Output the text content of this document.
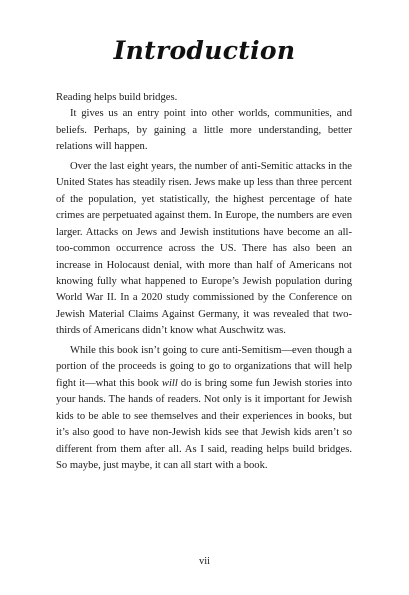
Introduction

Reading helps build bridges.

It gives us an entry point into other worlds, communities, and beliefs. Perhaps, by gaining a little more understanding, better relations will happen.

Over the last eight years, the number of anti-Semitic attacks in the United States has steadily risen. Jews make up less than three percent of the population, yet statistically, the highest percentage of hate crimes are perpetuated against them. In Europe, the numbers are even larger. Attacks on Jews and Jewish institutions have become an all-too-common occurrence across the US. There has also been an increase in Holocaust denial, with more than half of Americans not knowing fully what happened to Europe’s Jewish population during World War II. In a 2020 study commissioned by the Conference on Jewish Material Claims Against Germany, it was revealed that two-thirds of Americans didn’t know what Auschwitz was.

While this book isn’t going to cure anti-Semitism—even though a portion of the proceeds is going to go to organizations that will help fight it—what this book will do is bring some fun Jewish stories into your hands. The hands of readers. Not only is it important for Jewish kids to be able to see themselves and their experiences in books, but it’s also good to have non-Jewish kids see that Jewish kids aren’t so different from them after all. As I said, reading helps build bridges. So maybe, just maybe, it can all start with a book.

vii
